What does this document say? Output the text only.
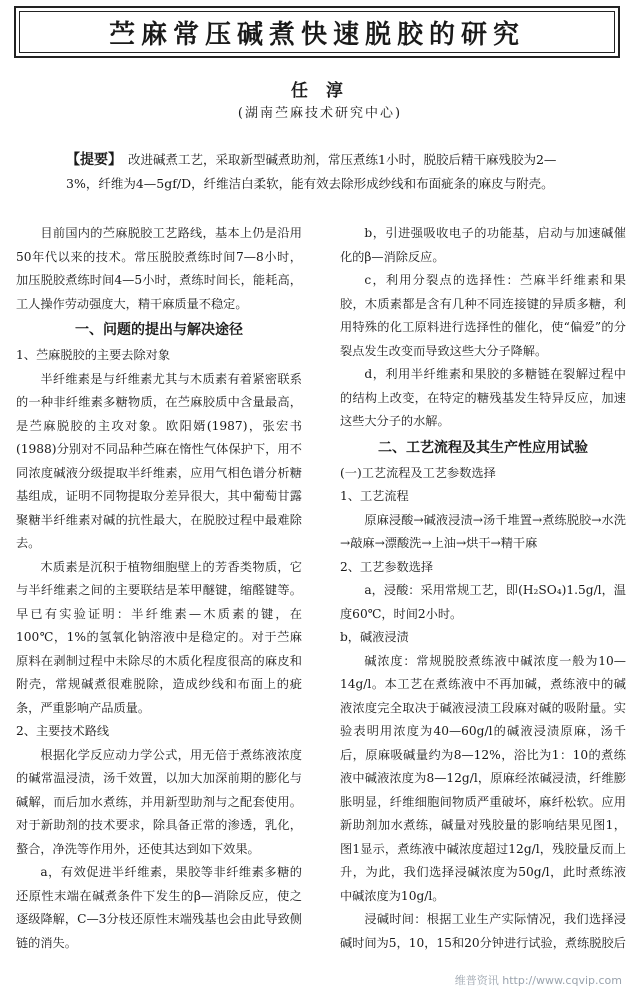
苎麻常压碱煮快速脱胶的研究
任 淳
(湖南苎麻技术研究中心)
【提要】 改进碱煮工艺，采取新型碱煮助剂，常压煮练1小时，脱胶后精干麻残胶为2—3%，纤维为4—5gf/D，纤维洁白柔软，能有效去除形成纱线和布面疵条的麻皮与附壳。

目前国内的苎麻脱胶工艺路线，基本上仍是沿用50年代以来的技术。常压脱胶煮练时间7—8小时，加压脱胶煮练时间4—5小时，煮练时间长，能耗高，工人操作劳动强度大，精干麻质量不稳定。

一、问题的提出与解决途径

1、苎麻脱胶的主要去除对象

半纤维素是与纤维素尤其与木质素有着紧密联系的一种非纤维素多糖物质，在苎麻胶质中含量最高，是苎麻脱胶的主攻对象。欧阳婿(1987)，张宏书(1988)分别对不同品种苎麻在惰性气体保护下，用不同浓度碱液分级提取半纤维素，应用气相色谱分析糖基组成，证明不同物提取分差异很大，其中葡萄甘露聚糖半纤维素对碱的抗性最大，在脱胶过程中最难除去。

木质素是沉积于植物细胞壁上的芳香类物质，它与半纤维素之间的主要联结是苯甲醚键，缩醛键等。早已有实验证明：半纤维素—木质素的键，在100℃，1%的氢氧化钠溶液中是稳定的。对于苎麻原料在剥制过程中未除尽的木质化程度很高的麻皮和附壳，常规碱煮很难脱除，造成纱线和布面上的疵条，严重影响产品质量。

2、主要技术路线

根据化学反应动力学公式，用无倍于煮练液浓度的碱常温浸渍，汤千效置，以加大加深前期的膨化与碱解，而后加水煮练，并用新型助剂与之配套使用。对于新助剂的技术要求，除具备正常的渗透，乳化，螯合，净洗等作用外，还使其达到如下效果。

a，有效促进半纤维素，果胶等非纤维素多糖的还原性末端在碱煮条件下发生的β—消除反应，使之逐级降解，C—3分枝还原性末端残基也会由此导致侧链的消失。

b，引进强吸收电子的功能基，启动与加速碱催化的β—消除反应。

c，利用分裂点的选择性：苎麻半纤维素和果胶，木质素都是含有几种不同连接键的异质多糖，利用特殊的化工原料进行选择性的催化，使“偏爱”的分裂点发生改变而导致这些大分子降解。

d，利用半纤维素和果胶的多糖链在裂解过程中的结构上改变，在特定的糖残基发生特异反应，加速这些大分子的水解。

二、工艺流程及其生产性应用试验

(一)工艺流程及工艺参数选择

1、工艺流程

原麻浸酸→碱液浸渍→汤千堆置→煮练脱胶→水洗→敲麻→漂酸洗→上油→烘干→精干麻

2、工艺参数选择

a，浸酸：采用常规工艺，即(H₂SO₄)1.5g/l，温度60℃，时间2小时。

b，碱液浸渍

碱浓度：常规脱胶煮练液中碱浓度一般为10—14g/l。本工艺在煮练液中不再加碱，煮练液中的碱液浓度完全取决于碱液浸渍工段麻对碱的吸附量。实验表明用浓度为40—60g/l的碱液浸渍原麻，汤千后，原麻吸碱量约为8—12%，浴比为1：10的煮练液中碱液浓度为8—12g/l，原麻经浓碱浸渍，纤维膨胀明显，纤维细胞间物质严重破坏，麻纤松软。应用新助剂加水煮练，碱量对残胶量的影响结果见图1，图1显示，煮练液中碱浓度超过12g/l，残胶量反而上升，为此，我们选择浸碱浓度为50g/l，此时煮练液中碱浓度为10g/l。

浸碱时间：根据工业生产实际情况，我们选择浸碱时间为5，10，15和20分钟进行试验，煮练脱胶后

维普资讯 http://www.cqvip.com
